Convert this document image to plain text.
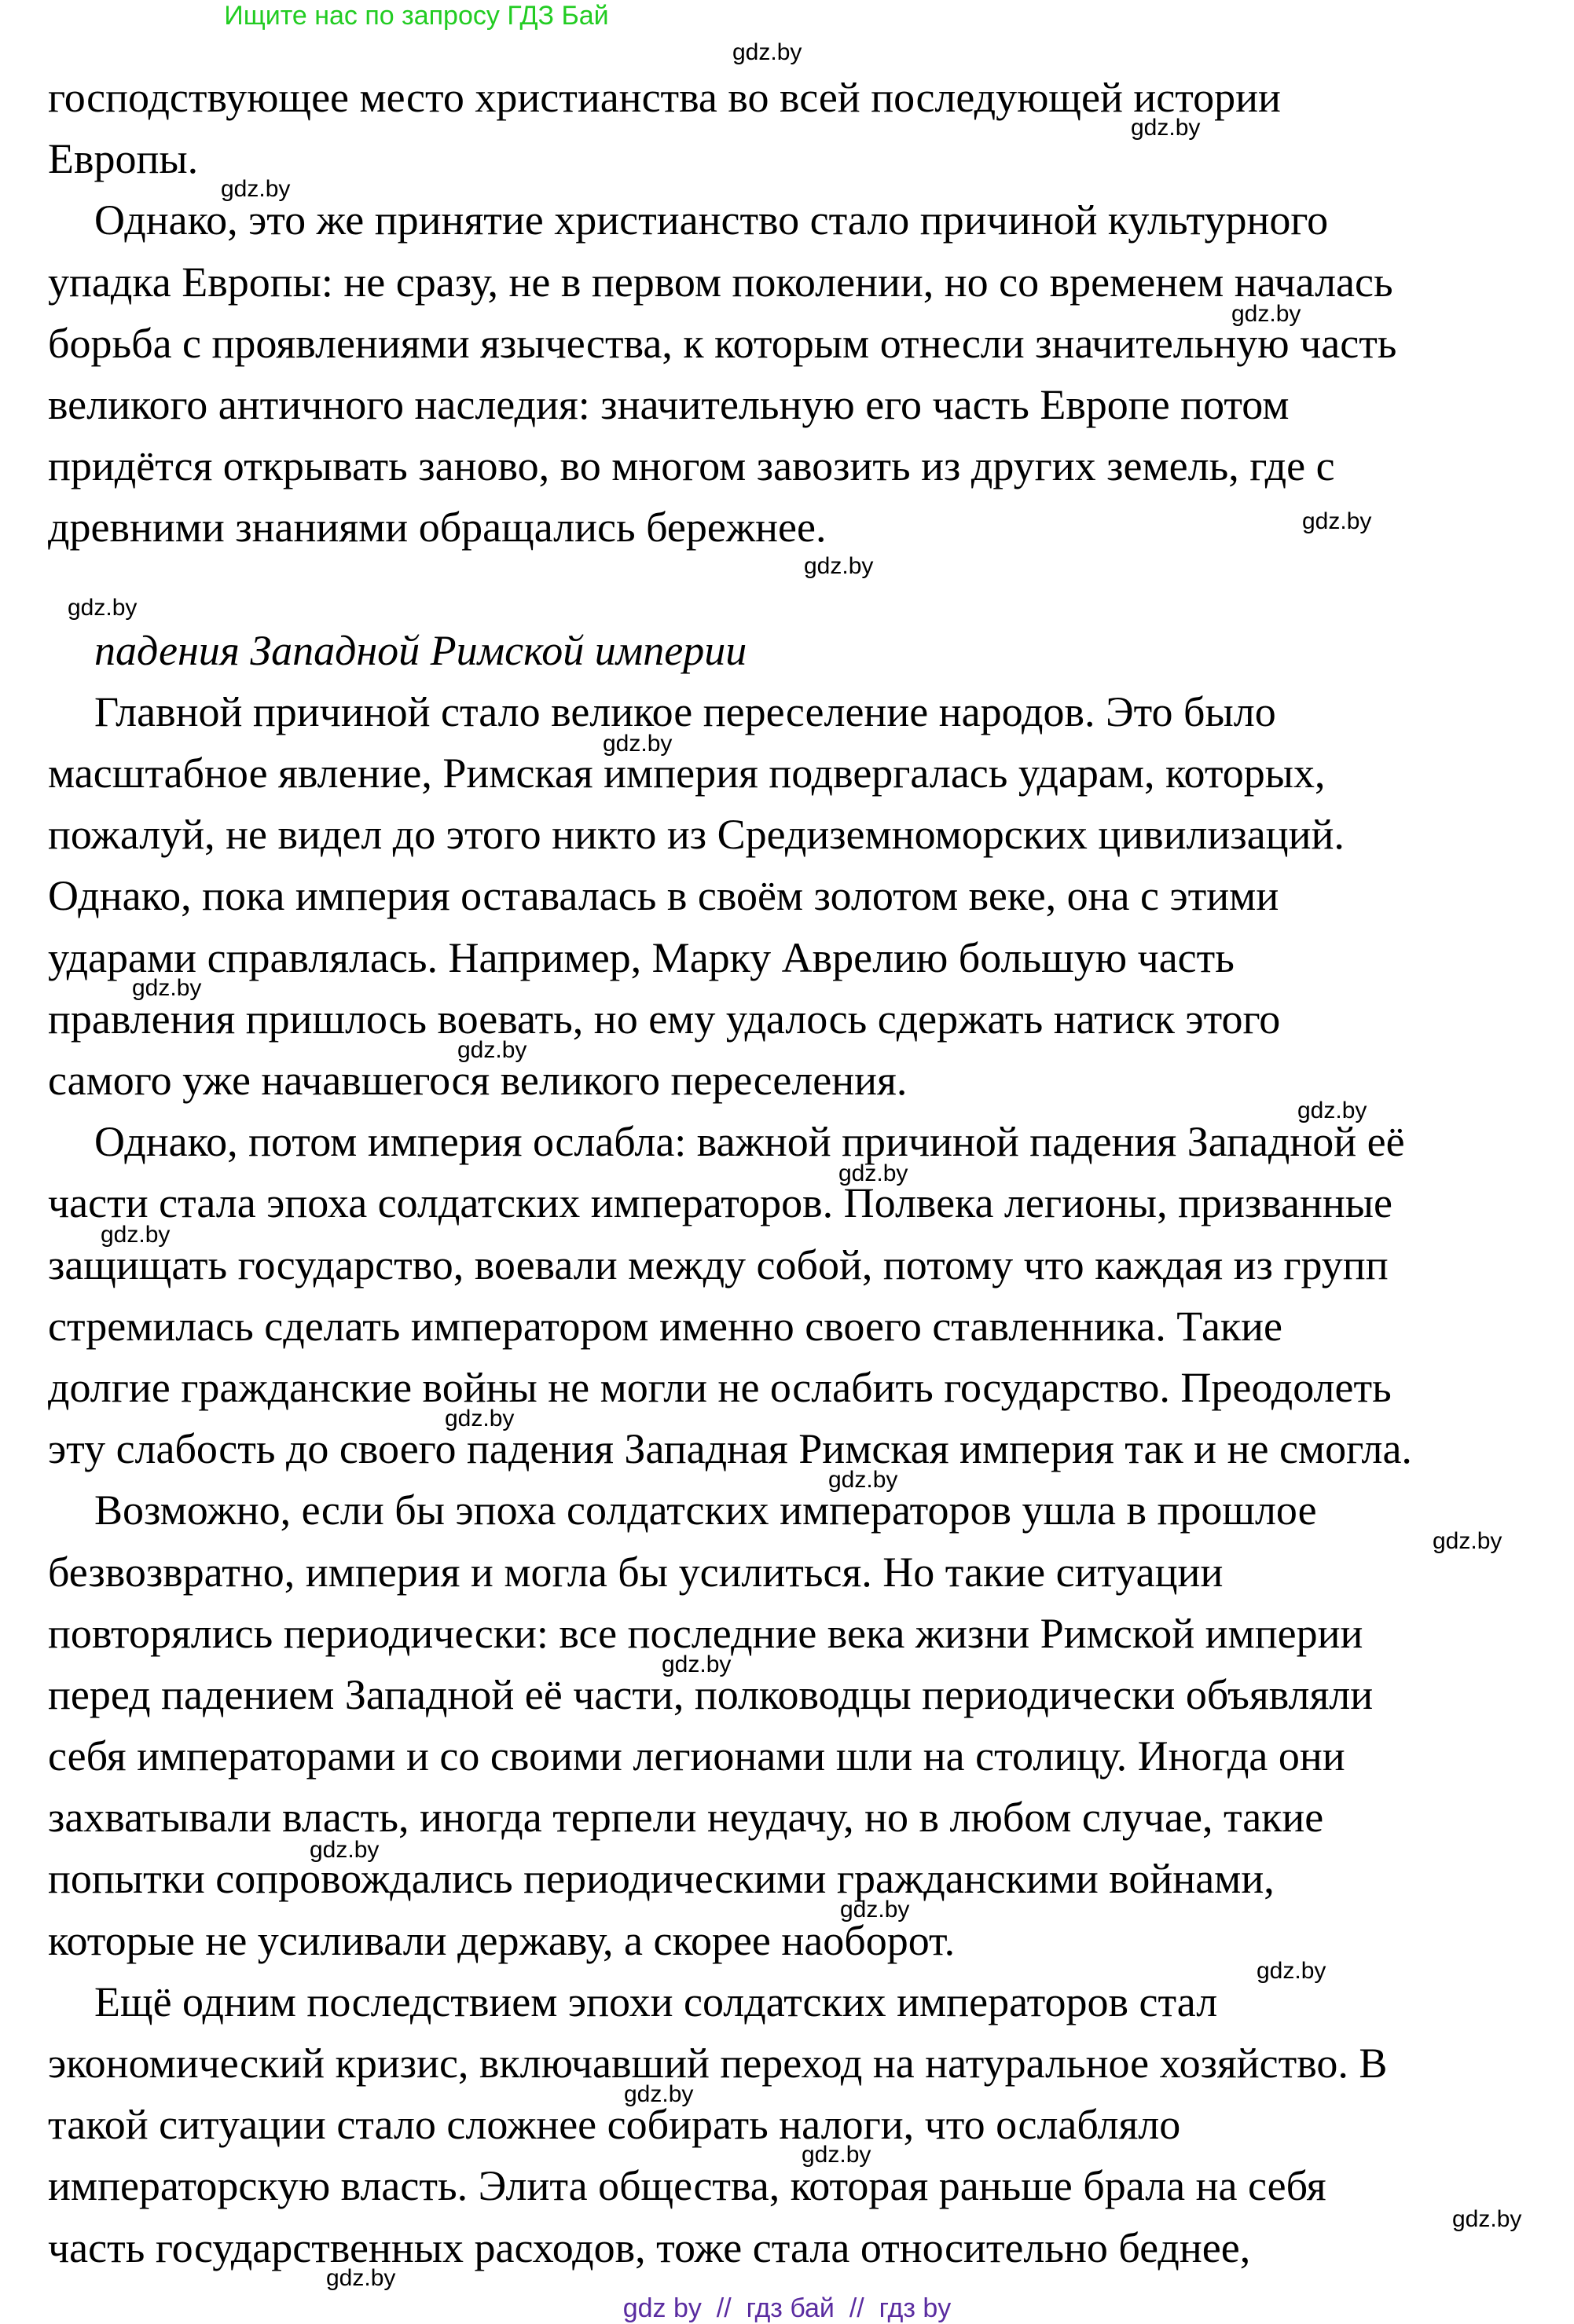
Ищите нас по запросу ГДЗ Бай
господствующее место христианства во всей последующей истории
Европы.
Однако, это же принятие христианство стало причиной культурного
упадка Европы: не сразу, не в первом поколении, но со временем началась
борьба с проявлениями язычества, к которым отнесли значительную часть
великого античного наследия: значительную его часть Европе потом
придётся открывать заново, во многом завозить из других земель, где с
древними знаниями обращались бережнее.
падения Западной Римской империи
Главной причиной стало великое переселение народов. Это было
масштабное явление, Римская империя подвергалась ударам, которых,
пожалуй, не видел до этого никто из Средиземноморских цивилизаций.
Однако, пока империя оставалась в своём золотом веке, она с этими
ударами справлялась. Например, Марку Аврелию большую часть
правления пришлось воевать, но ему удалось сдержать натиск этого
самого уже начавшегося великого переселения.
Однако, потом империя ослабла: важной причиной падения Западной её
части стала эпоха солдатских императоров. Полвека легионы, призванные
защищать государство, воевали между собой, потому что каждая из групп
стремилась сделать императором именно своего ставленника. Такие
долгие гражданские войны не могли не ослабить государство. Преодолеть
эту слабость до своего падения Западная Римская империя так и не смогла.
Возможно, если бы эпоха солдатских императоров ушла в прошлое
безвозвратно, империя и могла бы усилиться. Но такие ситуации
повторялись периодически: все последние века жизни Римской империи
перед падением Западной её части, полководцы периодически объявляли
себя императорами и со своими легионами шли на столицу. Иногда они
захватывали власть, иногда терпели неудачу, но в любом случае, такие
попытки сопровождались периодическими гражданскими войнами,
которые не усиливали державу, а скорее наоборот.
Ещё одним последствием эпохи солдатских императоров стал
экономический кризис, включавший переход на натуральное хозяйство. В
такой ситуации стало сложнее собирать налоги, что ослабляло
императорскую власть. Элита общества, которая раньше брала на себя
часть государственных расходов, тоже стала относительно беднее,
gdz.by
gdz.by
gdz.by
gdz.by
gdz.by
gdz.by
gdz.by
gdz.by
gdz.by
gdz.by
gdz.by
gdz.by
gdz.by
gdz.by
gdz.by
gdz.by
gdz.by
gdz.by
gdz.by
gdz.by
gdz.by
gdz.by
gdz.by
gdz.by
gdz by  //  гдз бай  //  гдз by
